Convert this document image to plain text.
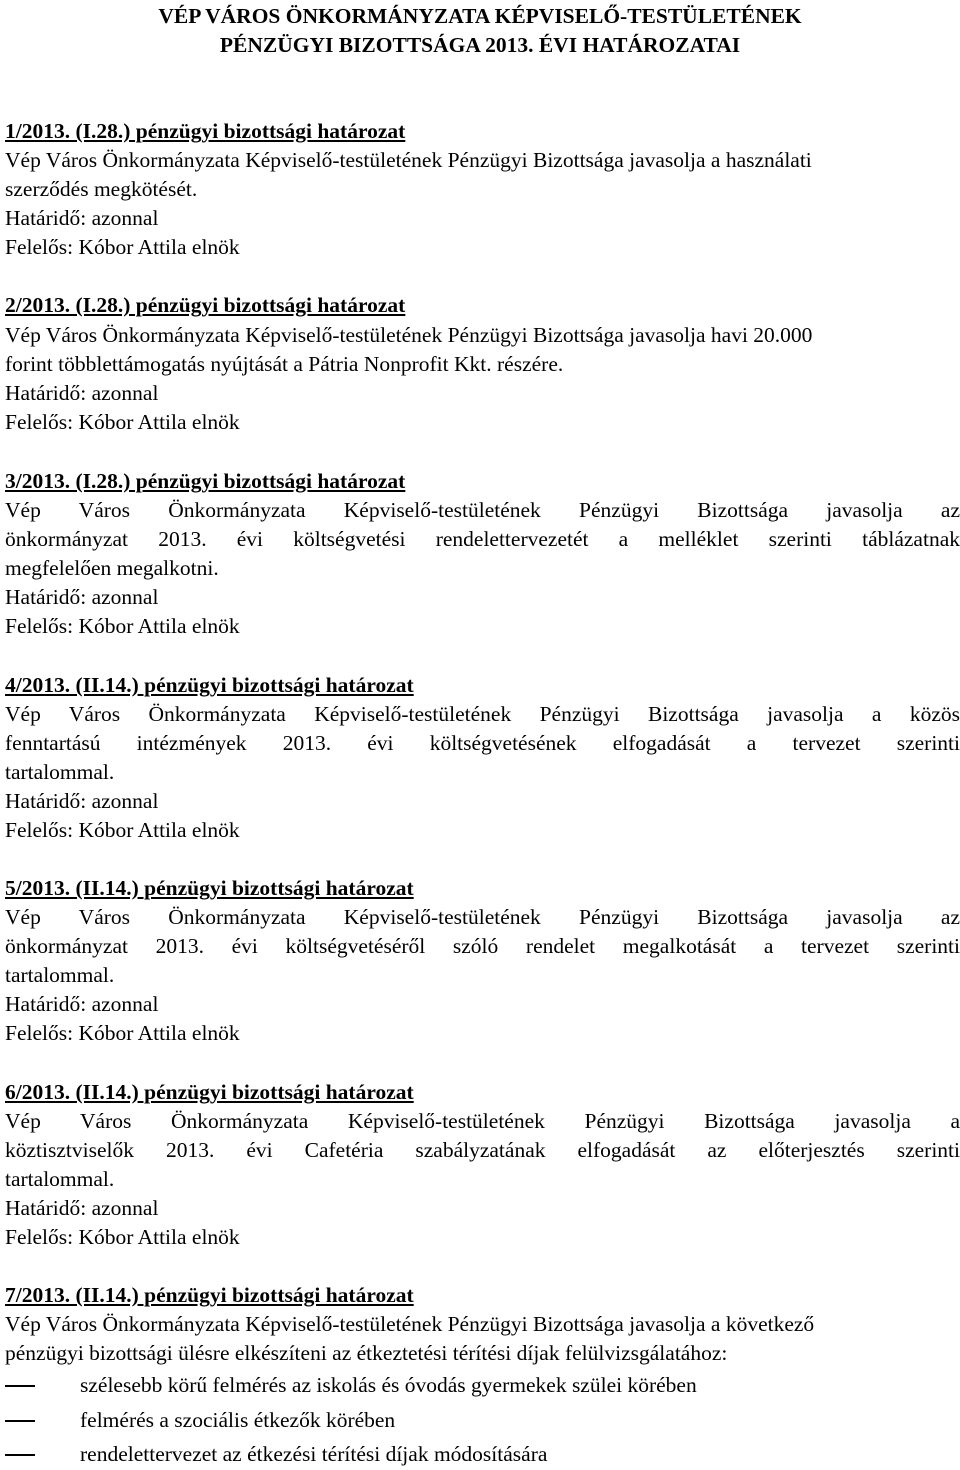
VÉP VÁROS ÖNKORMÁNYZATA KÉPVISELŐ-TESTÜLETÉNEK
PÉNZÜGYI BIZOTTSÁGA 2013. ÉVI HATÁROZATAI
1/2013. (I.28.) pénzügyi bizottsági határozat
Vép Város Önkormányzata Képviselő-testületének Pénzügyi Bizottsága javasolja a használati
szerződés megkötését.
Határidő: azonnal
Felelős: Kóbor Attila elnök
2/2013. (I.28.) pénzügyi bizottsági határozat
Vép Város Önkormányzata Képviselő-testületének Pénzügyi Bizottsága javasolja havi 20.000
forint többlettámogatás nyújtását a Pátria Nonprofit Kkt. részére.
Határidő: azonnal
Felelős: Kóbor Attila elnök
3/2013. (I.28.) pénzügyi bizottsági határozat
Vép Város Önkormányzata Képviselő-testületének Pénzügyi Bizottsága javasolja az
önkormányzat 2013. évi költségvetési rendelettervezetét a melléklet szerinti táblázatnak
megfelelően megalkotni.
Határidő: azonnal
Felelős: Kóbor Attila elnök
4/2013. (II.14.) pénzügyi bizottsági határozat
Vép Város Önkormányzata Képviselő-testületének Pénzügyi Bizottsága javasolja a közös
fenntartású intézmények 2013. évi költségvetésének elfogadását a tervezet szerinti
tartalommal.
Határidő: azonnal
Felelős: Kóbor Attila elnök
5/2013. (II.14.) pénzügyi bizottsági határozat
Vép Város Önkormányzata Képviselő-testületének Pénzügyi Bizottsága javasolja az
önkormányzat 2013. évi költségvetéséről szóló rendelet megalkotását a tervezet szerinti
tartalommal.
Határidő: azonnal
Felelős: Kóbor Attila elnök
6/2013. (II.14.) pénzügyi bizottsági határozat
Vép Város Önkormányzata Képviselő-testületének Pénzügyi Bizottsága javasolja a
köztisztviselők 2013. évi Cafetéria szabályzatának elfogadását az előterjesztés szerinti
tartalommal.
Határidő: azonnal
Felelős: Kóbor Attila elnök
7/2013. (II.14.) pénzügyi bizottsági határozat
Vép Város Önkormányzata Képviselő-testületének Pénzügyi Bizottsága javasolja a következő
pénzügyi bizottsági ülésre elkészíteni az étkeztetési térítési díjak felülvizsgálatához:
szélesebb körű felmérés az iskolás és óvodás gyermekek szülei körében
felmérés a szociális étkezők körében
rendelettervezet az étkezési térítési díjak módosítására
